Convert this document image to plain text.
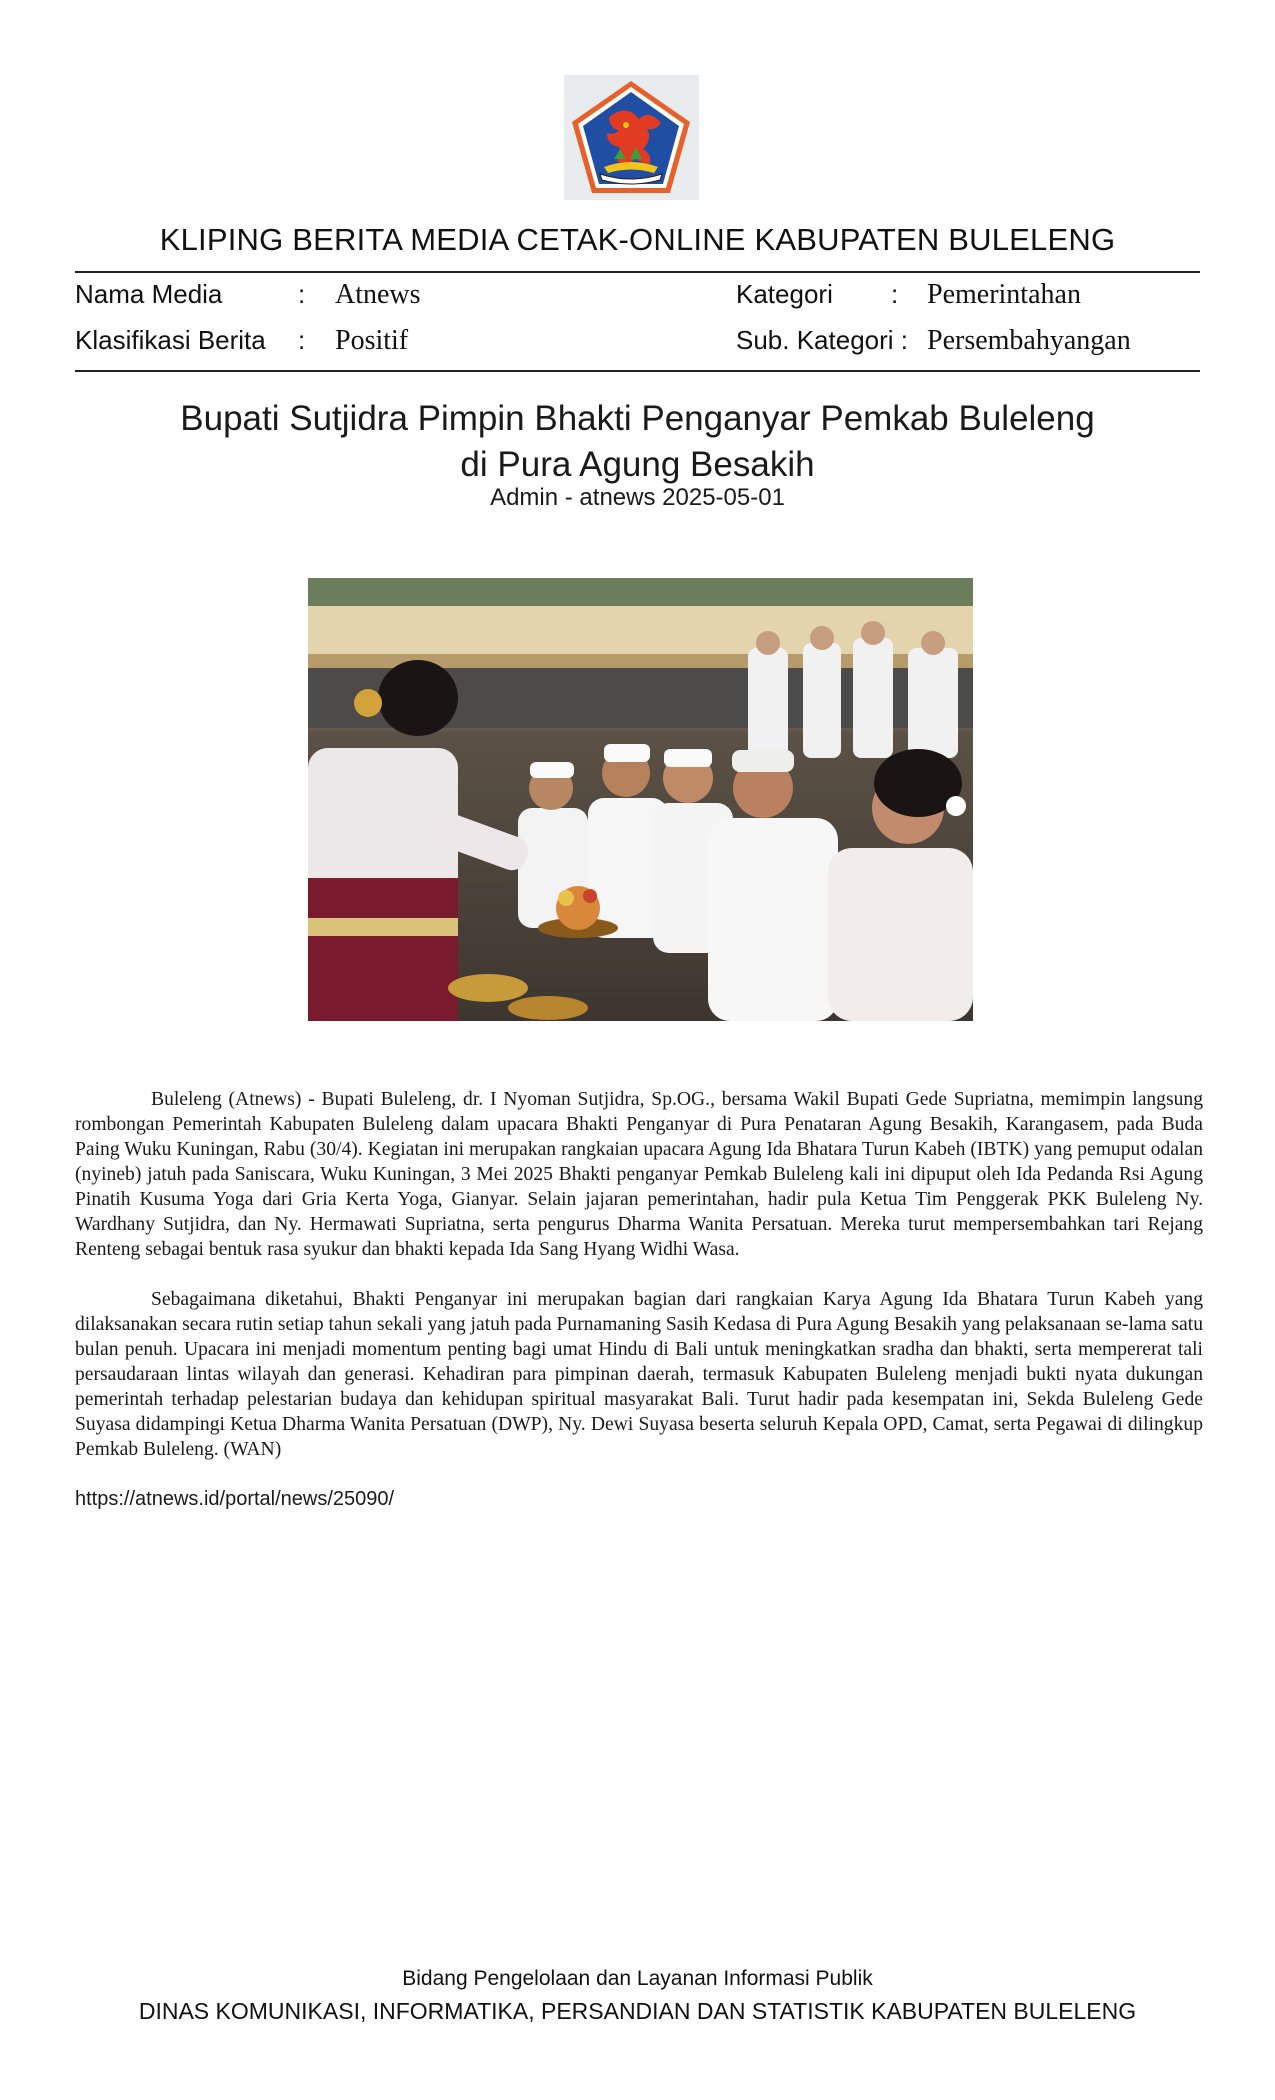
KLIPING BERITA MEDIA CETAK-ONLINE KABUPATEN BULELENG
Nama Media	: Atnews	Kategori : Pemerintahan
Klasifikasi Berita : Positif	Sub. Kategori : Persembahyangan
Bupati Sutjidra Pimpin Bhakti Penganyar Pemkab Buleleng
di Pura Agung Besakih
Admin - atnews 2025-05-01

Buleleng (Atnews) - Bupati Buleleng, dr. I Nyoman Sutjidra, Sp.OG., bersama Wakil Bupati Gede Supriatna, memimpin langsung rombongan Pemerintah Kabupaten Buleleng dalam upacara Bhakti Penganyar di Pura Penataran Agung Besakih, Karangasem, pada Buda Paing Wuku Kuningan, Rabu (30/4). Kegiatan ini merupakan rangkaian upacara Agung Ida Bhatara Turun Kabeh (IBTK) yang pemuput odalan (nyineb) jatuh pada Saniscara, Wuku Kuningan, 3 Mei 2025 Bhakti penganyar Pemkab Buleleng kali ini dipuput oleh Ida Pedanda Rsi Agung Pinatih Kusuma Yoga dari Gria Kerta Yoga, Gianyar. Selain jajaran pemerintahan, hadir pula Ketua Tim Penggerak PKK Buleleng Ny. Wardhany Sutjidra, dan Ny. Hermawati Supriatna, serta pengurus Dharma Wanita Persatuan. Mereka turut mempersembahkan tari Rejang Renteng sebagai bentuk rasa syukur dan bhakti kepada Ida Sang Hyang Widhi Wasa.

Sebagaimana diketahui, Bhakti Penganyar ini merupakan bagian dari rangkaian Karya Agung Ida Bhatara Turun Kabeh yang dilaksanakan secara rutin setiap tahun sekali yang jatuh pada Purnamaning Sasih Kedasa di Pura Agung Besakih yang pelaksanaan se-lama satu bulan penuh. Upacara ini menjadi momentum penting bagi umat Hindu di Bali untuk meningkatkan sradha dan bhakti, serta mempererat tali persaudaraan lintas wilayah dan generasi. Kehadiran para pimpinan daerah, termasuk Kabupaten Buleleng menjadi bukti nyata dukungan pemerintah terhadap pelestarian budaya dan kehidupan spiritual masyarakat Bali. Turut hadir pada kesempatan ini, Sekda Buleleng Gede Suyasa didampingi Ketua Dharma Wanita Persatuan (DWP), Ny. Dewi Suyasa beserta seluruh Kepala OPD, Camat, serta Pegawai di dilingkup Pemkab Buleleng. (WAN)

https://atnews.id/portal/news/25090/
Bidang Pengelolaan dan Layanan Informasi Publik
DINAS KOMUNIKASI, INFORMATIKA, PERSANDIAN DAN STATISTIK KABUPATEN BULELENG
